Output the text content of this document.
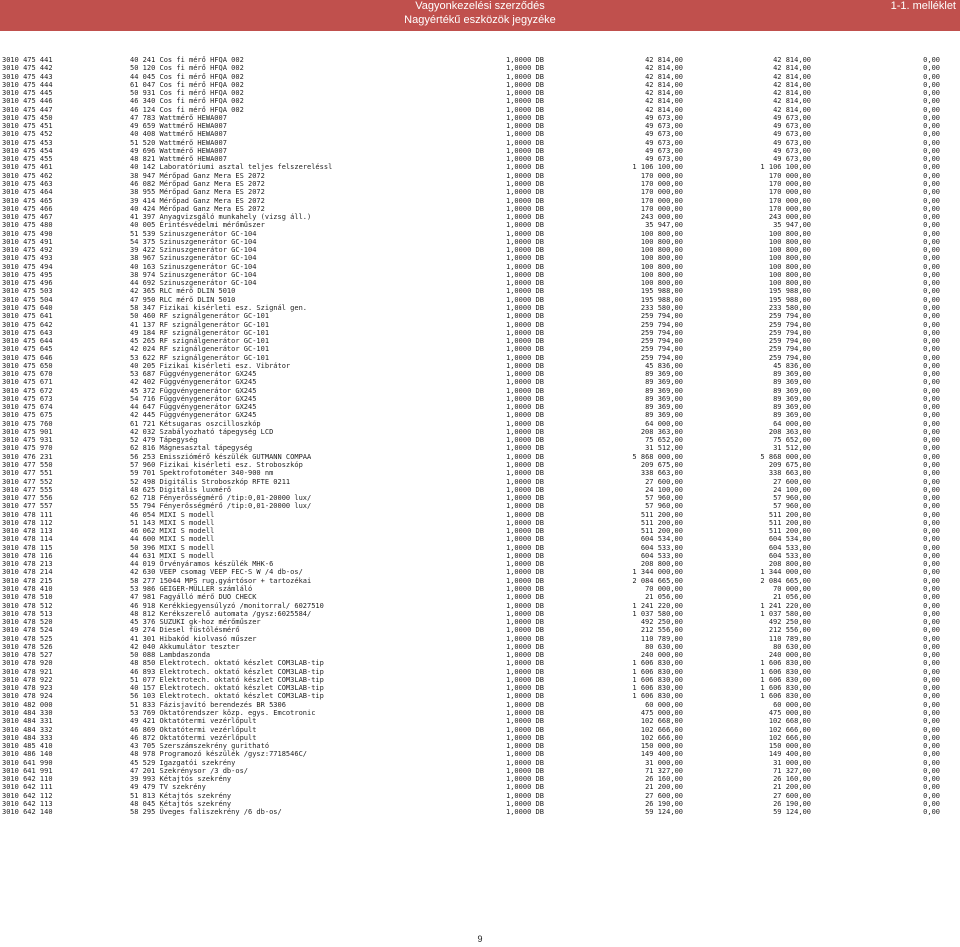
Vagyonkezelési szerződés
Nagyértékű eszközök jegyzéke
1-1. melléklet
3010 475 441	40 241 Cos fi mérő HFQA 002	1,0000 DB	42 814,00	42 814,00	0,00
3010 475 442	50 120 Cos fi mérő HFQA 002	1,0000 DB	42 814,00	42 814,00	0,00
3010 475 443	44 045 Cos fi mérő HFQA 002	1,0000 DB	42 814,00	42 814,00	0,00
3010 475 444	61 047 Cos fi mérő HFQA 002	1,0000 DB	42 814,00	42 814,00	0,00
3010 475 445	50 931 Cos fi mérő HFQA 002	1,0000 DB	42 814,00	42 814,00	0,00
3010 475 446	46 340 Cos fi mérő HFQA 002	1,0000 DB	42 814,00	42 814,00	0,00
3010 475 447	46 124 Cos fi mérő HFQA 002	1,0000 DB	42 814,00	42 814,00	0,00
3010 475 450	47 783 Wattmérő HEWA007	1,0000 DB	49 673,00	49 673,00	0,00
3010 475 451	49 659 Wattmérő HEWA007	1,0000 DB	49 673,00	49 673,00	0,00
3010 475 452	40 408 Wattmérő HEWA007	1,0000 DB	49 673,00	49 673,00	0,00
3010 475 453	51 520 Wattmérő HEWA007	1,0000 DB	49 673,00	49 673,00	0,00
3010 475 454	49 696 Wattmérő HEWA007	1,0000 DB	49 673,00	49 673,00	0,00
3010 475 455	48 821 Wattmérő HEWA007	1,0000 DB	49 673,00	49 673,00	0,00
3010 475 461	40 142 Laboratóriumi asztal teljes felszereléssl	1,0000 DB	1 106 100,00	1 106 100,00	0,00
3010 475 462	38 947 Mérőpad Ganz Mera ES 2072	1,0000 DB	170 000,00	170 000,00	0,00
3010 475 463	46 082 Mérőpad Ganz Mera ES 2072	1,0000 DB	170 000,00	170 000,00	0,00
3010 475 464	38 955 Mérőpad Ganz Mera ES 2072	1,0000 DB	170 000,00	170 000,00	0,00
3010 475 465	39 414 Mérőpad Ganz Mera ES 2072	1,0000 DB	170 000,00	170 000,00	0,00
3010 475 466	40 424 Mérőpad Ganz Mera ES 2072	1,0000 DB	170 000,00	170 000,00	0,00
3010 475 467	41 397 Anyagvizsgáló munkahely (vizsg áll.)	1,0000 DB	243 000,00	243 000,00	0,00
3010 475 480	40 005 Érintésvédelmi mérőműszer	1,0000 DB	35 947,00	35 947,00	0,00
3010 475 490	51 539 Szinuszgenerátor GC-104	1,0000 DB	100 800,00	100 800,00	0,00
3010 475 491	54 375 Szinuszgenerátor GC-104	1,0000 DB	100 800,00	100 800,00	0,00
3010 475 492	39 422 Szinuszgenerátor GC-104	1,0000 DB	100 800,00	100 800,00	0,00
3010 475 493	38 967 Szinuszgenerátor GC-104	1,0000 DB	100 800,00	100 800,00	0,00
3010 475 494	40 163 Szinuszgenerátor GC-104	1,0000 DB	100 800,00	100 800,00	0,00
3010 475 495	38 974 Szinuszgenerátor GC-104	1,0000 DB	100 800,00	100 800,00	0,00
3010 475 496	44 692 Szinuszgenerátor GC-104	1,0000 DB	100 800,00	100 800,00	0,00
3010 475 503	42 365 RLC mérő DLIN 5010	1,0000 DB	195 988,00	195 988,00	0,00
3010 475 504	47 950 RLC mérő DLIN 5010	1,0000 DB	195 988,00	195 988,00	0,00
3010 475 640	58 347 Fizikai kisérleti esz. Szignál gen.	1,0000 DB	233 580,00	233 580,00	0,00
3010 475 641	50 460 RF szignálgenerátor GC-101	1,0000 DB	259 794,00	259 794,00	0,00
3010 475 642	41 137 RF szignálgenerátor GC-101	1,0000 DB	259 794,00	259 794,00	0,00
3010 475 643	49 184 RF szignálgenerátor GC-101	1,0000 DB	259 794,00	259 794,00	0,00
3010 475 644	45 265 RF szignálgenerátor GC-101	1,0000 DB	259 794,00	259 794,00	0,00
3010 475 645	42 024 RF szignálgenerátor GC-101	1,0000 DB	259 794,00	259 794,00	0,00
3010 475 646	53 622 RF szignálgenerátor GC-101	1,0000 DB	259 794,00	259 794,00	0,00
3010 475 650	40 205 Fizikai kisérleti esz. Vibrátor	1,0000 DB	45 836,00	45 836,00	0,00
3010 475 670	53 687 Függvénygenerátor GX245	1,0000 DB	89 369,00	89 369,00	0,00
3010 475 671	42 402 Függvénygenerátor GX245	1,0000 DB	89 369,00	89 369,00	0,00
3010 475 672	45 372 Függvénygenerátor GX245	1,0000 DB	89 369,00	89 369,00	0,00
3010 475 673	54 716 Függvénygenerátor GX245	1,0000 DB	89 369,00	89 369,00	0,00
3010 475 674	44 647 Függvénygenerátor GX245	1,0000 DB	89 369,00	89 369,00	0,00
3010 475 675	42 445 Függvénygenerátor GX245	1,0000 DB	89 369,00	89 369,00	0,00
3010 475 760	61 721 Kétsugaras oszcilloszkóp	1,0000 DB	64 000,00	64 000,00	0,00
3010 475 901	42 032 Szabályozható tápegység LCD	1,0000 DB	208 363,00	208 363,00	0,00
3010 475 931	52 479 Tápegység	1,0000 DB	75 652,00	75 652,00	0,00
3010 475 970	62 816 Mágnesasztal tápegység	1,0000 DB	31 512,00	31 512,00	0,00
3010 476 231	56 253 Emissziómérő készülék GUTMANN COMPAA	1,0000 DB	5 868 000,00	5 868 000,00	0,00
3010 477 550	57 960 Fizikai kisérleti esz. Stroboszkóp	1,0000 DB	209 675,00	209 675,00	0,00
3010 477 551	59 701 Spektrofotométer 340-900 nm	1,0000 DB	338 663,00	338 663,00	0,00
3010 477 552	52 498 Digitális Stroboszkóp RFTE 0211	1,0000 DB	27 600,00	27 600,00	0,00
3010 477 555	48 625 Digitális luxmérő	1,0000 DB	24 100,00	24 100,00	0,00
3010 477 556	62 718 Fényerősségmérő /tip:0,01-20000 lux/	1,0000 DB	57 960,00	57 960,00	0,00
3010 477 557	55 794 Fényerősségmérő /tip:0,01-20000 lux/	1,0000 DB	57 960,00	57 960,00	0,00
3010 478 111	46 054 MIXI S modell	1,0000 DB	511 200,00	511 200,00	0,00
3010 478 112	51 143 MIXI S modell	1,0000 DB	511 200,00	511 200,00	0,00
3010 478 113	46 062 MIXI S modell	1,0000 DB	511 200,00	511 200,00	0,00
3010 478 114	44 600 MIXI S modell	1,0000 DB	604 534,00	604 534,00	0,00
3010 478 115	50 396 MIXI S modell	1,0000 DB	604 533,00	604 533,00	0,00
3010 478 116	44 631 MIXI S modell	1,0000 DB	604 533,00	604 533,00	0,00
3010 478 213	44 019 Örvényáramos készülék MHK-6	1,0000 DB	208 800,00	208 800,00	0,00
3010 478 214	42 630 VEEP csomag VEEP FEC-S W /4 db-os/	1,0000 DB	1 344 000,00	1 344 000,00	0,00
3010 478 215	58 277 15044 MPS rug.gyártósor + tartozékai	1,0000 DB	2 084 665,00	2 084 665,00	0,00
3010 478 410	53 986 GEIGER-MÜLLER számláló	1,0000 DB	70 000,00	70 000,00	0,00
3010 478 510	47 981 Fagyálló mérő DUO CHECK	1,0000 DB	21 056,00	21 056,00	0,00
3010 478 512	46 918 Kerékkiegyensúlyzó /monitorral/ 6027510	1,0000 DB	1 241 220,00	1 241 220,00	0,00
3010 478 513	48 812 Kerékszerelő automata /gysz:6025584/	1,0000 DB	1 037 580,00	1 037 580,00	0,00
3010 478 520	45 376 SUZUKI gk-hoz mérőműszer	1,0000 DB	492 250,00	492 250,00	0,00
3010 478 524	49 274 Diesel füstölésmérő	1,0000 DB	212 556,00	212 556,00	0,00
3010 478 525	41 301 Hibakód kiolvasó műszer	1,0000 DB	110 789,00	110 789,00	0,00
3010 478 526	42 040 Akkumulátor teszter	1,0000 DB	80 630,00	80 630,00	0,00
3010 478 527	50 088 Lambdaszonda	1,0000 DB	240 000,00	240 000,00	0,00
3010 478 920	48 850 Elektrotech. oktató készlet COM3LAB-tip	1,0000 DB	1 606 830,00	1 606 830,00	0,00
3010 478 921	46 893 Elektrotech. oktató készlet COM3LAB-tip	1,0000 DB	1 606 830,00	1 606 830,00	0,00
3010 478 922	51 077 Elektrotech. oktató készlet COM3LAB-tip	1,0000 DB	1 606 830,00	1 606 830,00	0,00
3010 478 923	40 157 Elektrotech. oktató készlet COM3LAB-tip	1,0000 DB	1 606 830,00	1 606 830,00	0,00
3010 478 924	56 103 Elektrotech. oktató készlet COM3LAB-tip	1,0000 DB	1 606 830,00	1 606 830,00	0,00
3010 482 000	51 833 Fázisjavító berendezés BR 5306	1,0000 DB	60 000,00	60 000,00	0,00
3010 484 330	53 769 Oktatórendszer közp. egys. Emcotronic	1,0000 DB	475 000,00	475 000,00	0,00
3010 484 331	49 421 Oktatótermi vezérlőpult	1,0000 DB	102 668,00	102 668,00	0,00
3010 484 332	46 869 Oktatótermi vezérlőpult	1,0000 DB	102 666,00	102 666,00	0,00
3010 484 333	46 872 Oktatótermi vezérlőpult	1,0000 DB	102 666,00	102 666,00	0,00
3010 485 410	43 705 Szerszámszekrény guritható	1,0000 DB	150 000,00	150 000,00	0,00
3010 486 140	48 978 Programozó készülék /gysz:7718546C/	1,0000 DB	149 400,00	149 400,00	0,00
3010 641 990	45 529 Igazgatói szekrény	1,0000 DB	31 000,00	31 000,00	0,00
3010 641 991	47 201 Szekrénysor /3 db-os/	1,0000 DB	71 327,00	71 327,00	0,00
3010 642 110	39 993 Kétajtós szekrény	1,0000 DB	26 160,00	26 160,00	0,00
3010 642 111	49 479 TV szekrény	1,0000 DB	21 200,00	21 200,00	0,00
3010 642 112	51 813 Kétajtós szekrény	1,0000 DB	27 600,00	27 600,00	0,00
3010 642 113	48 045 Kétajtós szekrény	1,0000 DB	26 190,00	26 190,00	0,00
3010 642 140	58 295 Üveges faliszekrény /6 db-os/	1,0000 DB	59 124,00	59 124,00	0,00
9
